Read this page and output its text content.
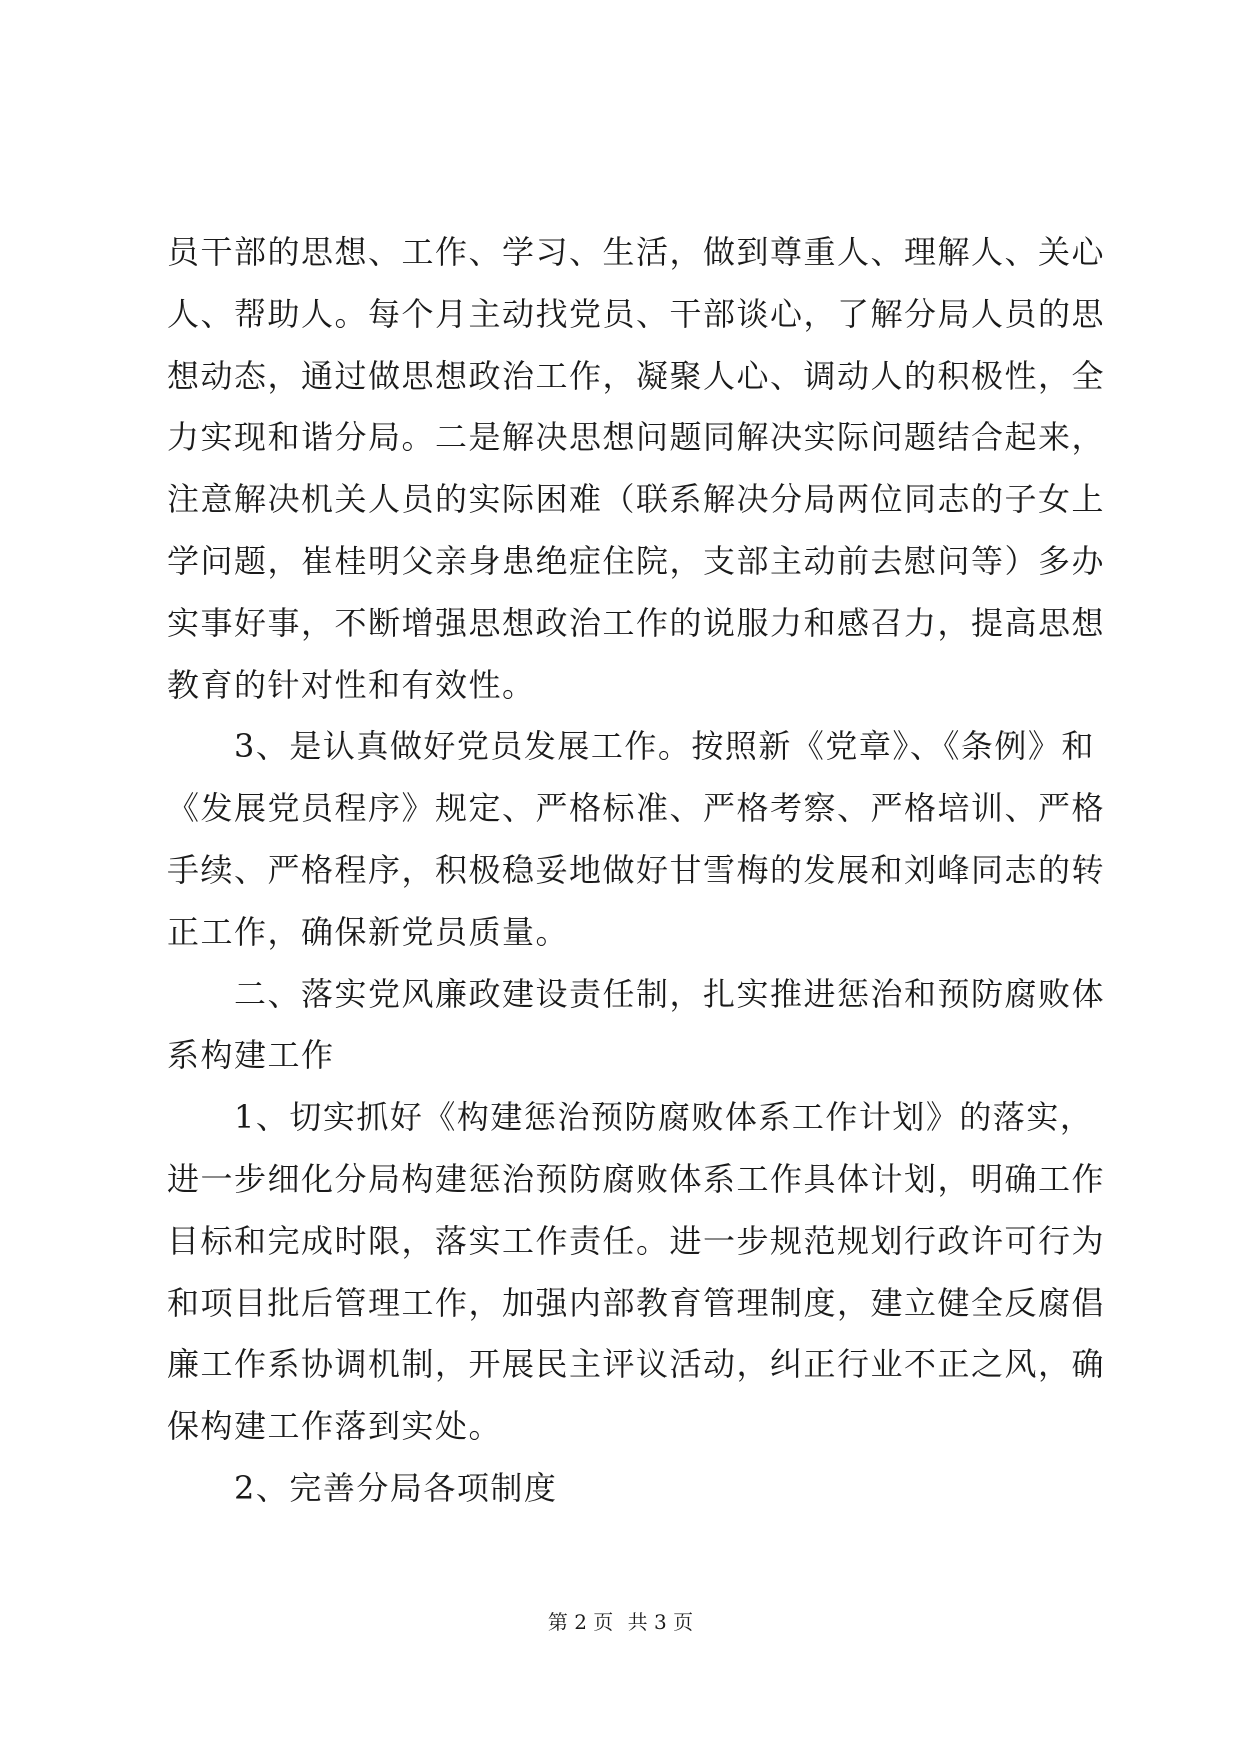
员干部的思想、工作、学习、生活，做到尊重人、理解人、关心
人、帮助人。每个月主动找党员、干部谈心，了解分局人员的思
想动态，通过做思想政治工作，凝聚人心、调动人的积极性，全
力实现和谐分局。二是解决思想问题同解决实际问题结合起来，
注意解决机关人员的实际困难（联系解决分局两位同志的子女上
学问题，崔桂明父亲身患绝症住院，支部主动前去慰问等）多办
实事好事，不断增强思想政治工作的说服力和感召力，提高思想
教育的针对性和有效性。
　　3、是认真做好党员发展工作。按照新《党章》、《条例》和
《发展党员程序》规定、严格标准、严格考察、严格培训、严格
手续、严格程序，积极稳妥地做好甘雪梅的发展和刘峰同志的转
正工作，确保新党员质量。
　　二、落实党风廉政建设责任制，扎实推进惩治和预防腐败体
系构建工作
　　1、切实抓好《构建惩治预防腐败体系工作计划》的落实，
进一步细化分局构建惩治预防腐败体系工作具体计划，明确工作
目标和完成时限，落实工作责任。进一步规范规划行政许可行为
和项目批后管理工作，加强内部教育管理制度，建立健全反腐倡
廉工作系协调机制，开展民主评议活动，纠正行业不正之风，确
保构建工作落到实处。
　　2、完善分局各项制度
第 2 页 共 3 页
